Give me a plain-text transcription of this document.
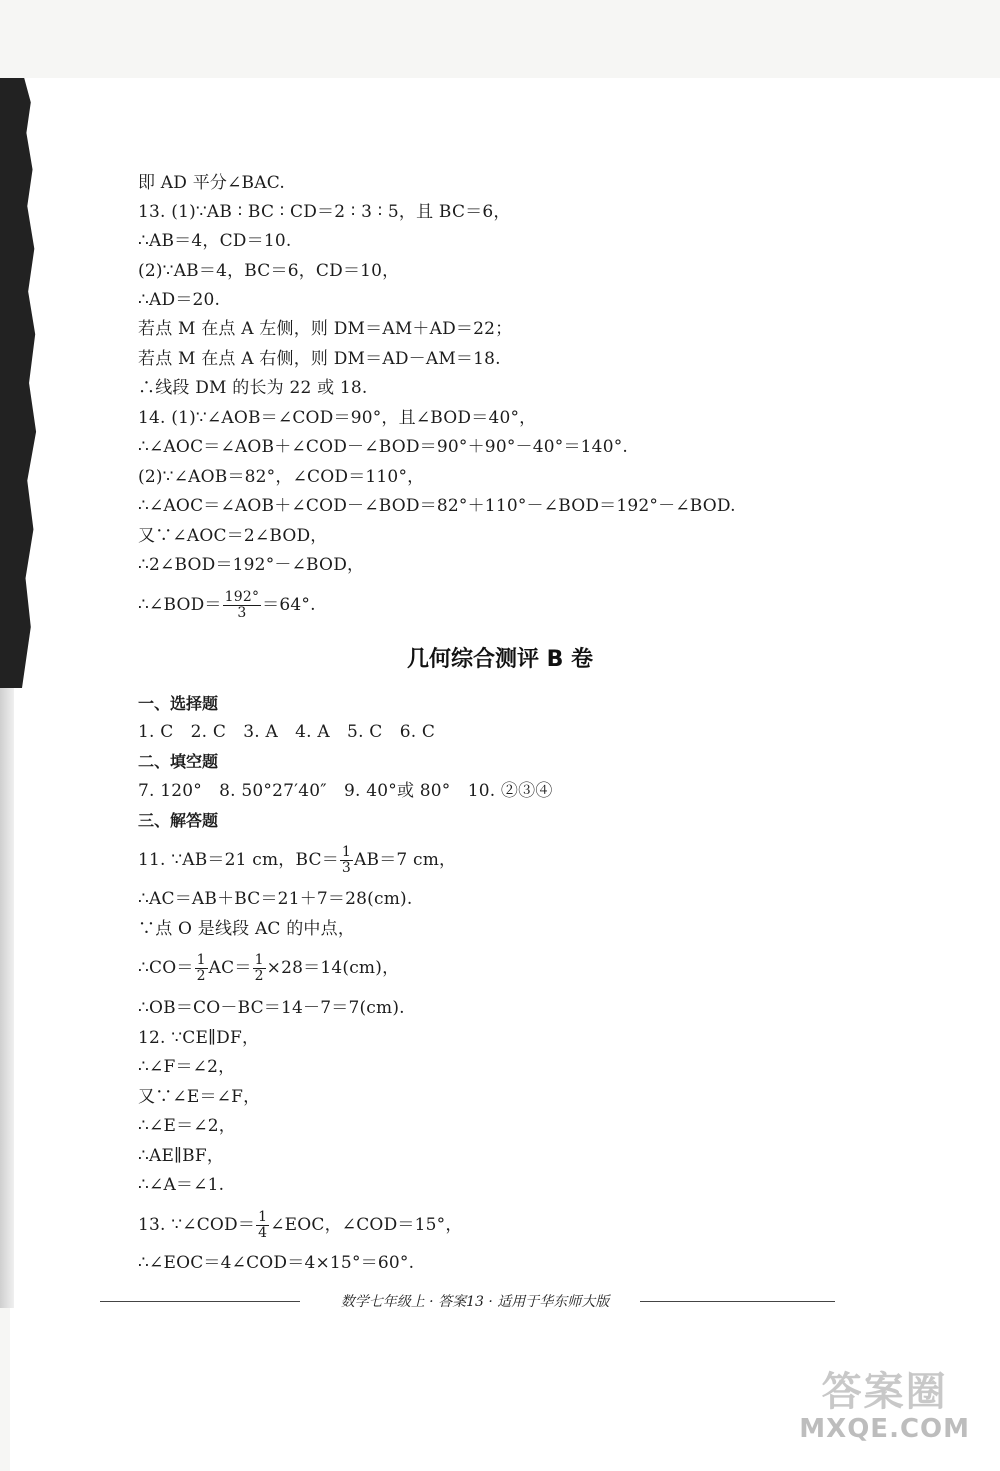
即 AD 平分∠BAC.
13. (1)∵AB ∶ BC ∶ CD＝2 ∶ 3 ∶ 5，且 BC＝6，
∴AB＝4，CD＝10.
(2)∵AB＝4，BC＝6，CD＝10，
∴AD＝20.
若点 M 在点 A 左侧，则 DM＝AM＋AD＝22；
若点 M 在点 A 右侧，则 DM＝AD－AM＝18.
∴线段 DM 的长为 22 或 18.
14. (1)∵∠AOB＝∠COD＝90°，且∠BOD＝40°，
∴∠AOC＝∠AOB＋∠COD－∠BOD＝90°＋90°－40°＝140°.
(2)∵∠AOB＝82°，∠COD＝110°，
∴∠AOC＝∠AOB＋∠COD－∠BOD＝82°＋110°－∠BOD＝192°－∠BOD.
又∵∠AOC＝2∠BOD，
∴2∠BOD＝192°－∠BOD，
∴∠BOD＝ $\frac{192^\circ}{3} =64^\circ$.
几何综合测评 B 卷
一、选择题
1. C　2. C　3. A　4. A　5. C　6. C
二、填空题
7. 120°　8. 50°27′40″　9. 40°或 80°　10. ②③④
三、解答题
11. ∵AB＝21 cm，$BC= \frac{1}{3} AB=7$ cm，
∴AC＝AB＋BC＝21＋7＝28(cm).
∵点 O 是线段 AC 的中点，
∴CO＝ $\frac{1}{2} AC= \frac{1}{2} \times 28=14(cm)$，
∴OB＝CO－BC＝14－7＝7(cm).
12. ∵CE∥DF，
∴∠F＝∠2，
又∵∠E＝∠F，
∴∠E＝∠2，
∴AE∥BF，
∴∠A＝∠1.
13. ∵∠COD＝ $\frac{1}{4}$ ∠EOC，∠COD＝15°，
∴∠EOC＝4∠COD＝4×15°＝60°.
数学七年级上 · 答案13 · 适用于华东师大版
答案圈
MXQE.COM
